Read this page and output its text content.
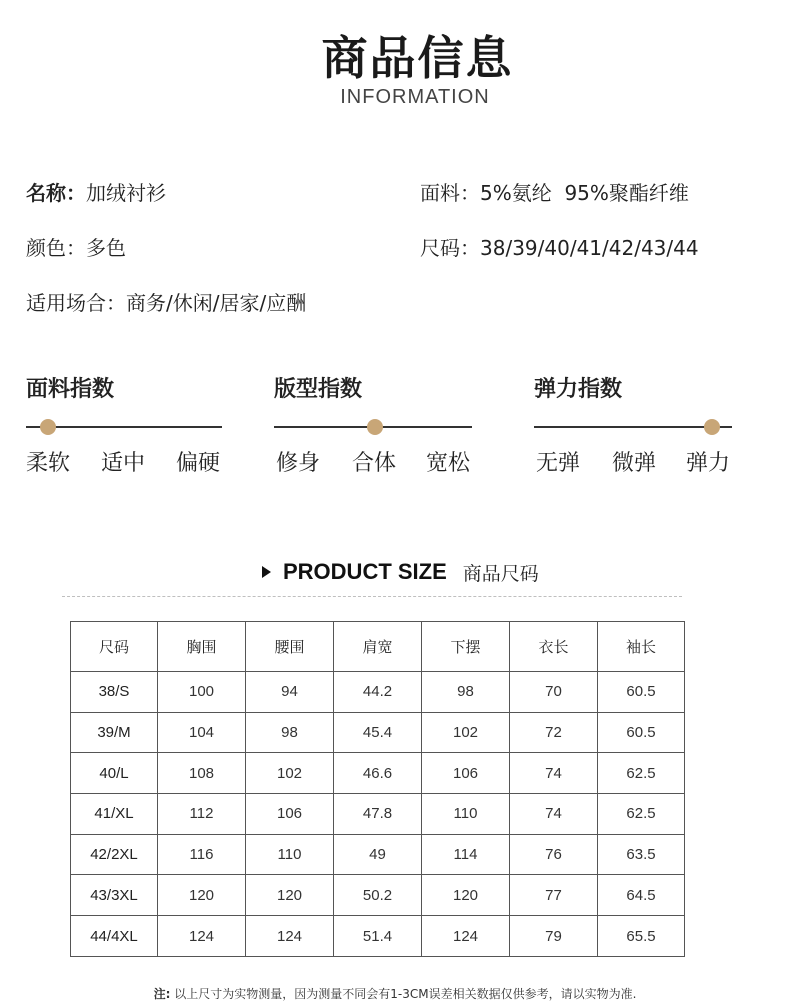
商品信息
INFORMATION
名称：加绒衬衫	面料：5%氨纶  95%聚酯纤维
颜色：多色	尺码：38/39/40/41/42/43/44
适用场合：商务/休闲/居家/应酬
面料指数
柔软 适中 偏硬
版型指数
修身 合体 宽松
弹力指数
无弹 微弹 弹力
PRODUCT SIZE 商品尺码
尺码	胸围	腰围	肩宽	下摆	衣长	袖长
38/S	100	94	44.2	98	70	60.5
39/M	104	98	45.4	102	72	60.5
40/L	108	102	46.6	106	74	62.5
41/XL	112	106	47.8	110	74	62.5
42/2XL	116	110	49	114	76	63.5
43/3XL	120	120	50.2	120	77	64.5
44/4XL	124	124	51.4	124	79	65.5
注: 以上尺寸为实物测量，因为测量不同会有1-3CM误差相关数据仅供参考，请以实物为准.
